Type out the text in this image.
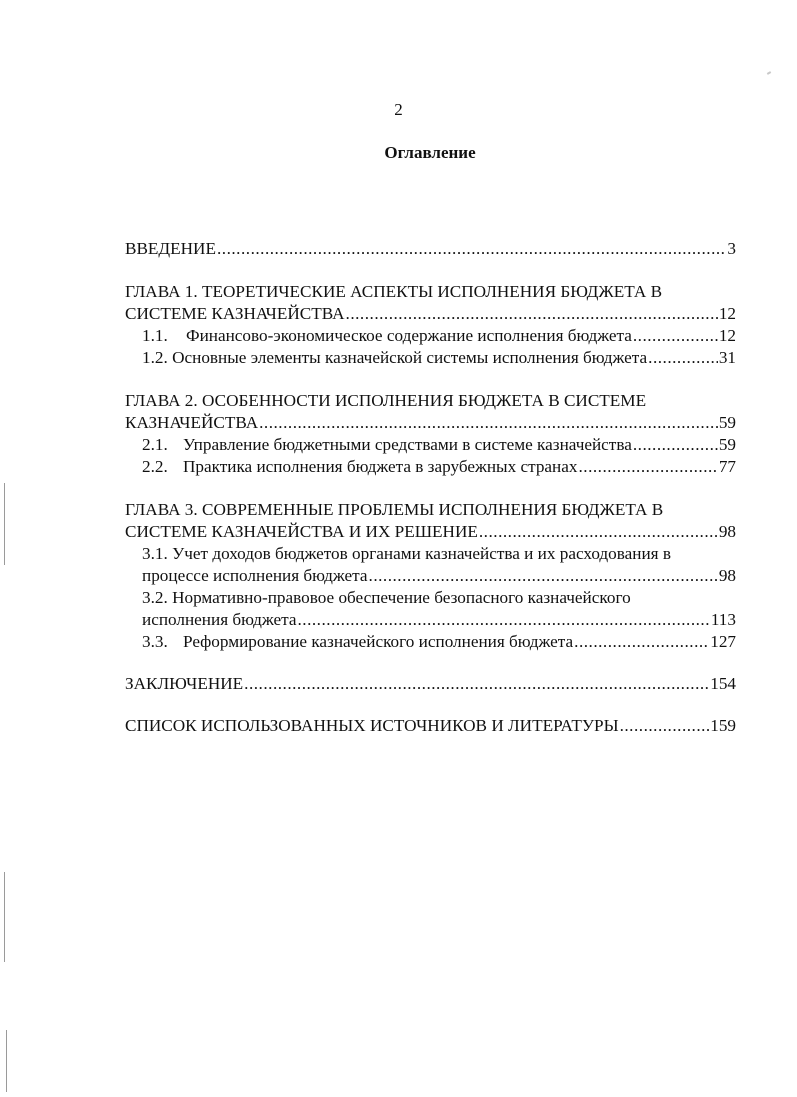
2
Оглавление
ВВЕДЕНИЕ .....	3
ГЛАВА 1. ТЕОРЕТИЧЕСКИЕ АСПЕКТЫ ИСПОЛНЕНИЯ БЮДЖЕТА В
СИСТЕМЕ КАЗНАЧЕЙСТВА .....	12
1.1. Финансово-экономическое содержание исполнения бюджета .....	12
1.2. Основные элементы казначейской системы исполнения бюджета .....	31
ГЛАВА 2. ОСОБЕННОСТИ ИСПОЛНЕНИЯ БЮДЖЕТА В СИСТЕМЕ
КАЗНАЧЕЙСТВА .....	59
2.1. Управление бюджетными средствами в системе казначейства .....	59
2.2. Практика исполнения бюджета в зарубежных странах .....	77
ГЛАВА 3. СОВРЕМЕННЫЕ ПРОБЛЕМЫ ИСПОЛНЕНИЯ БЮДЖЕТА В
СИСТЕМЕ КАЗНАЧЕЙСТВА И ИХ РЕШЕНИЕ .....	98
3.1. Учет доходов бюджетов органами казначейства и их расходования в
процессе исполнения бюджета .....	98
3.2. Нормативно-правовое обеспечение безопасного казначейского
исполнения бюджета .....	113
3.3. Реформирование казначейского исполнения бюджета .....	127
ЗАКЛЮЧЕНИЕ .....	154
СПИСОК ИСПОЛЬЗОВАННЫХ ИСТОЧНИКОВ И ЛИТЕРАТУРЫ .....	159
